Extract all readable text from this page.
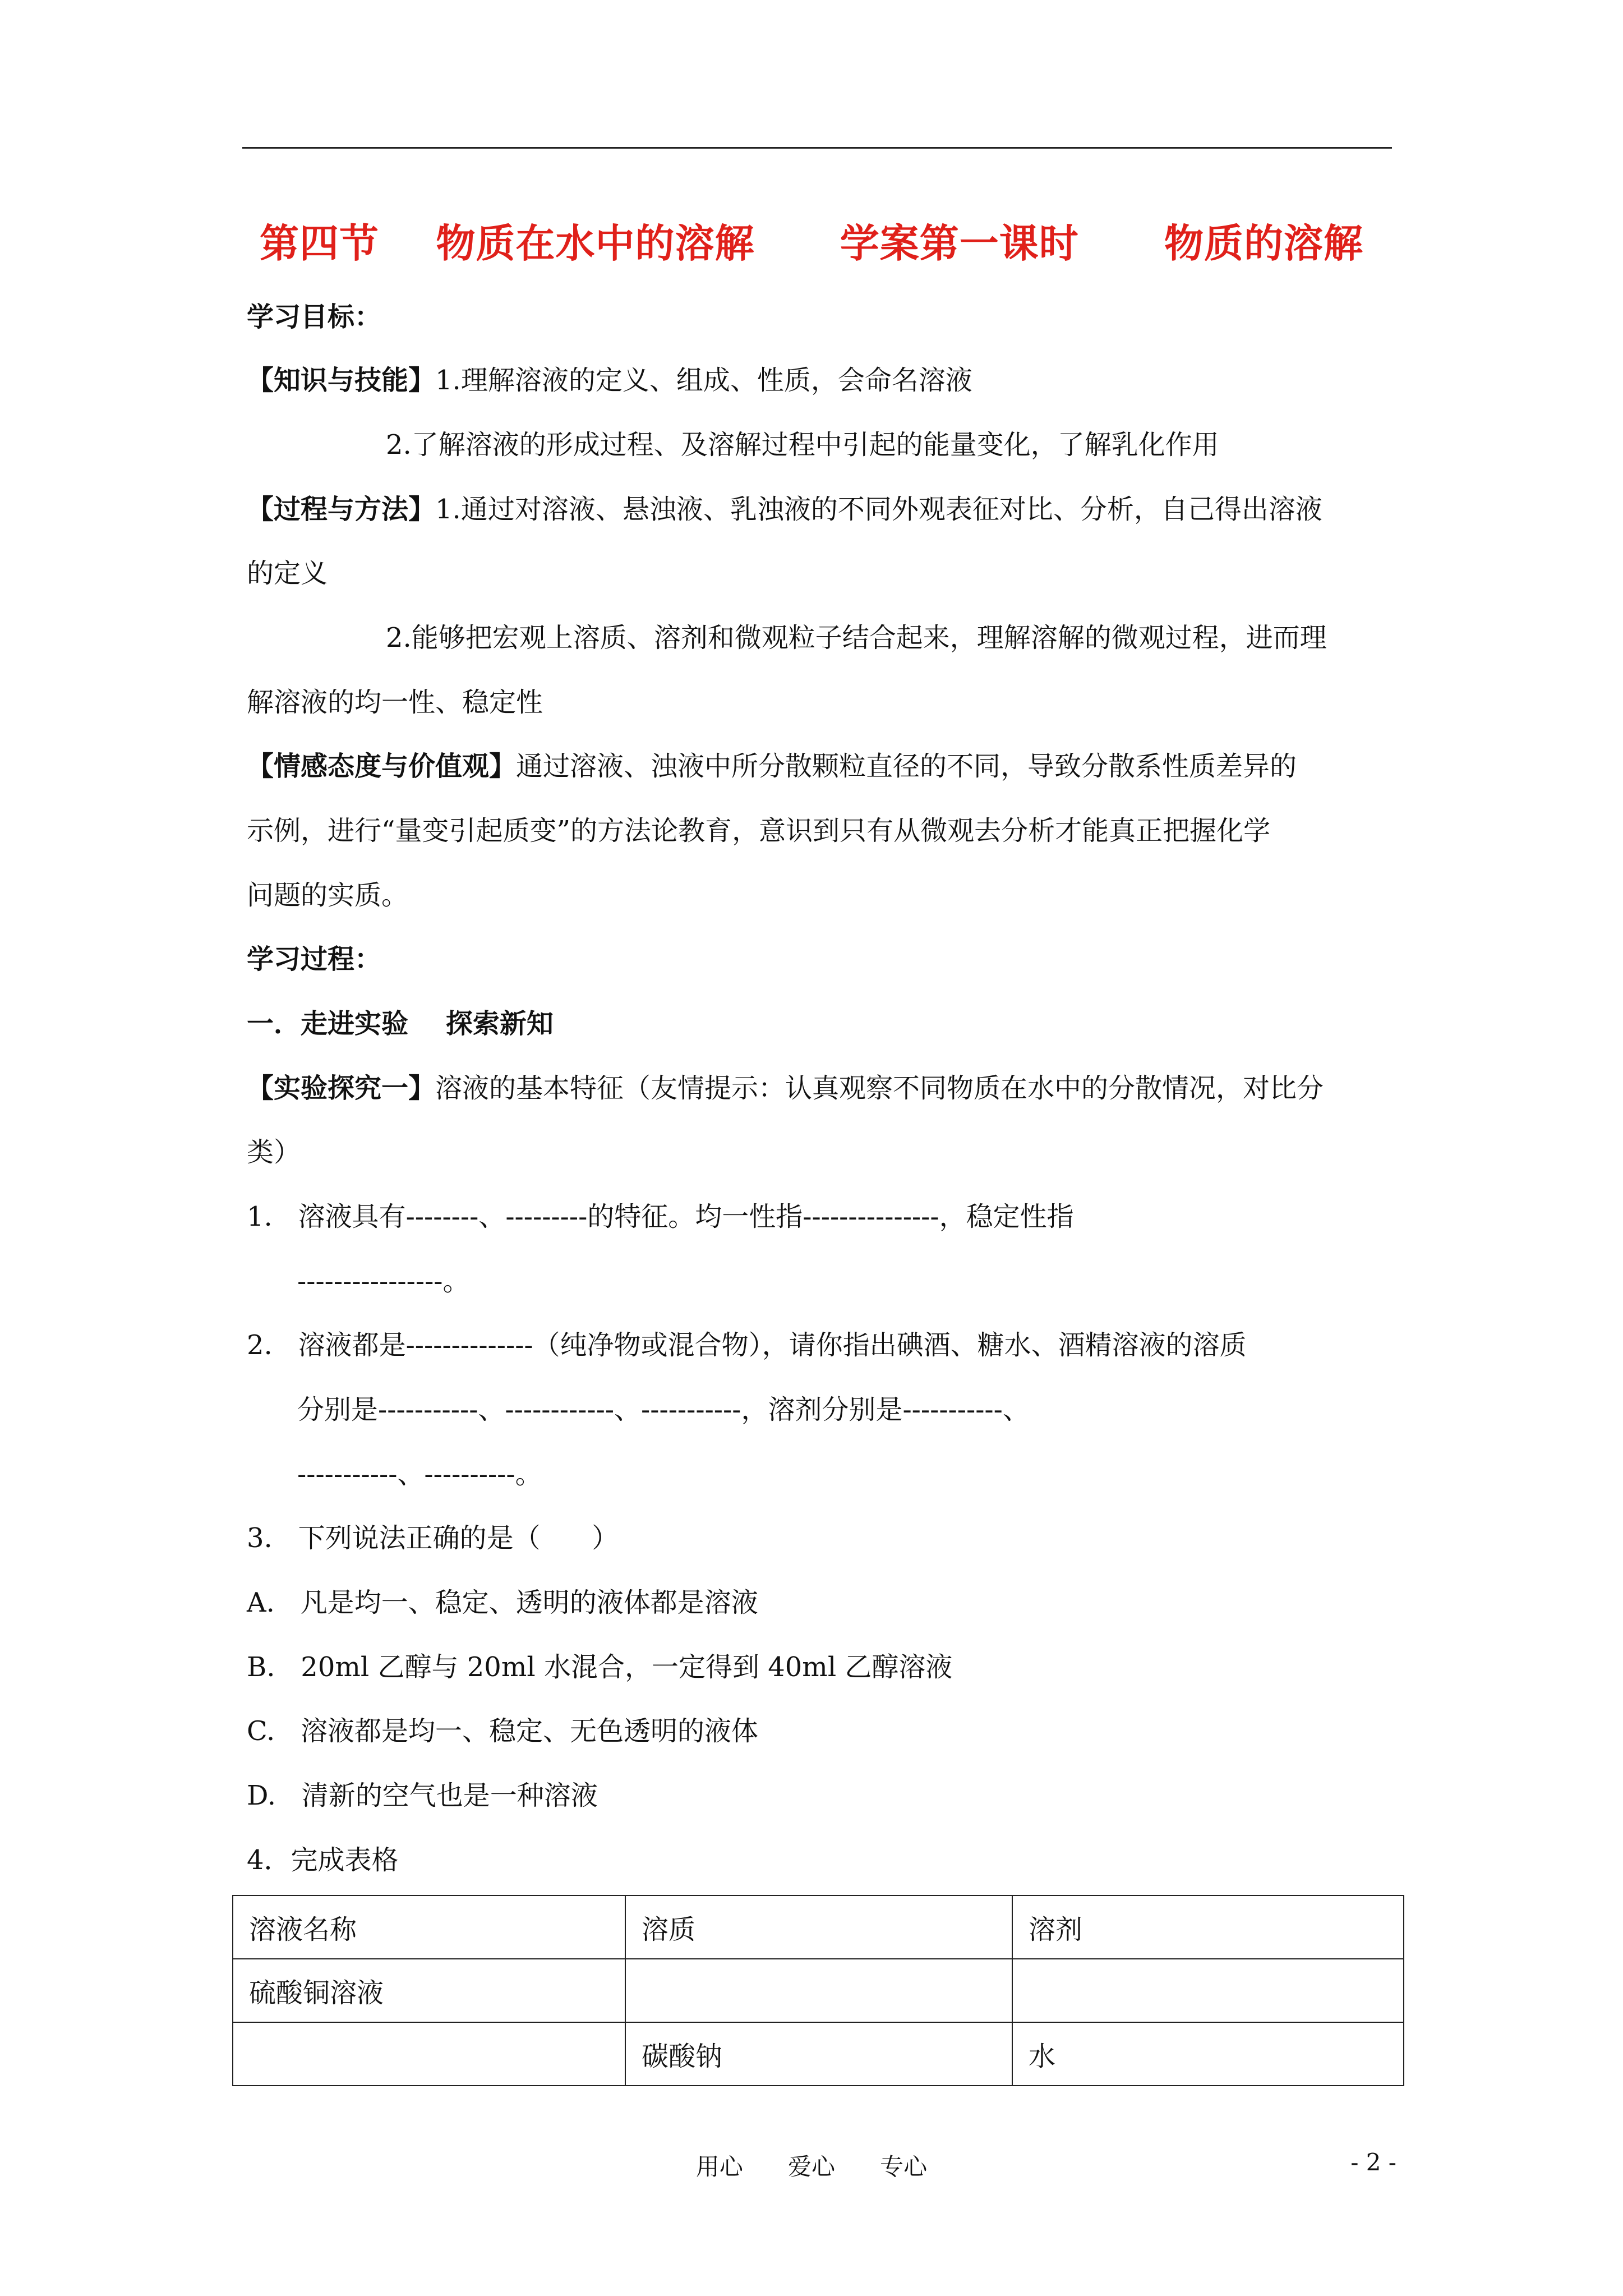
第四节    物质在水中的溶解      学案第一课时      物质的溶解
学习目标：
【知识与技能】1.理解溶液的定义、组成、性质，会命名溶液
2.了解溶液的形成过程、及溶解过程中引起的能量变化，了解乳化作用
【过程与方法】1.通过对溶液、悬浊液、乳浊液的不同外观表征对比、分析，自己得出溶液
的定义
2.能够把宏观上溶质、溶剂和微观粒子结合起来，理解溶解的微观过程，进而理
解溶液的均一性、稳定性
【情感态度与价值观】通过溶液、浊液中所分散颗粒直径的不同，导致分散系性质差异的
示例，进行“量变引起质变”的方法论教育，意识到只有从微观去分析才能真正把握化学
问题的实质。
学习过程：
一．走进实验    探索新知
【实验探究一】溶液的基本特征（友情提示：认真观察不同物质在水中的分散情况，对比分
类）
1.   溶液具有--------、---------的特征。均一性指---------------，稳定性指
----------------。
2.   溶液都是--------------（纯净物或混合物），请你指出碘酒、糖水、酒精溶液的溶质
分别是-----------、------------、-----------，溶剂分别是-----------、
-----------、----------。
3.   下列说法正确的是（      ）
A.   凡是均一、稳定、透明的液体都是溶液
B.   20ml 乙醇与 20ml 水混合，一定得到 40ml 乙醇溶液
C.   溶液都是均一、稳定、无色透明的液体
D.   清新的空气也是一种溶液
4．完成表格
溶液名称	溶质	溶剂
硫酸铜溶液		
	碳酸钠	水
用心      爱心      专心	- 2 -
